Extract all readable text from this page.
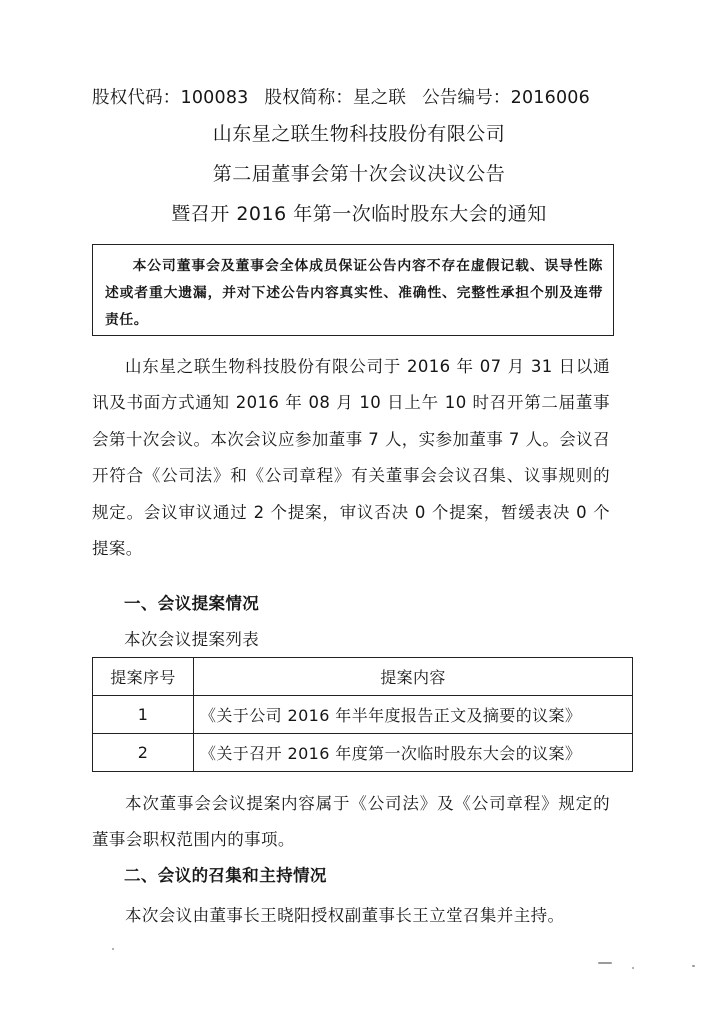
股权代码：100083 股权简称：星之联 公告编号：2016006
山东星之联生物科技股份有限公司
第二届董事会第十次会议决议公告
暨召开 2016 年第一次临时股东大会的通知
本公司董事会及董事会全体成员保证公告内容不存在虚假记载、误导性陈述或者重大遗漏，并对下述公告内容真实性、准确性、完整性承担个别及连带责任。
山东星之联生物科技股份有限公司于 2016 年 07 月 31 日以通讯及书面方式通知 2016 年 08 月 10 日上午 10 时召开第二届董事会第十次会议。本次会议应参加董事 7 人，实参加董事 7 人。会议召开符合《公司法》和《公司章程》有关董事会会议召集、议事规则的规定。会议审议通过 2 个提案，审议否决 0 个提案，暂缓表决 0 个提案。
一、会议提案情况
本次会议提案列表
提案序号	提案内容
1	《关于公司 2016 年半年度报告正文及摘要的议案》
2	《关于召开 2016 年度第一次临时股东大会的议案》
本次董事会会议提案内容属于《公司法》及《公司章程》规定的董事会职权范围内的事项。
二、会议的召集和主持情况
本次会议由董事长王晓阳授权副董事长王立堂召集并主持。
